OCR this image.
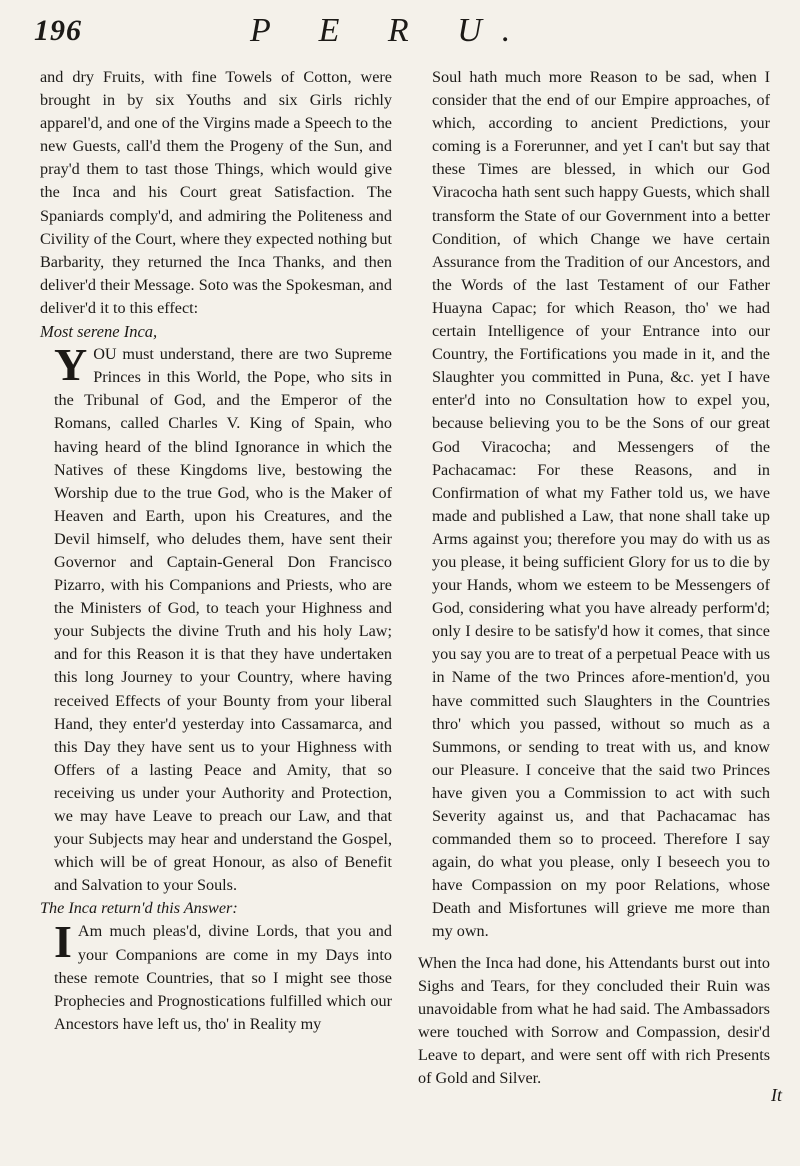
196	P E R U.

and dry Fruits, with fine Towels of Cotton, were brought in by six Youths and six Girls richly apparel'd, and one of the Virgins made a Speech to the new Guests, call'd them the Progeny of the Sun, and pray'd them to tast those Things, which would give the Inca and his Court great Satisfaction. The Spaniards comply'd, and admiring the Politeness and Civility of the Court, where they expected nothing but Barbarity, they returned the Inca Thanks, and then deliver'd their Message. Soto was the Spokesman, and deliver'd it to this effect:

Most serene Inca,

YOU must understand, there are two Supreme Princes in this World, the Pope, who sits in the Tribunal of God, and the Emperor of the Romans, called Charles V. King of Spain, who having heard of the blind Ignorance in which the Natives of these Kingdoms live, bestowing the Worship due to the true God, who is the Maker of Heaven and Earth, upon his Creatures, and the Devil himself, who deludes them, have sent their Governor and Captain-General Don Francisco Pizarro, with his Companions and Priests, who are the Ministers of God, to teach your Highness and your Subjects the divine Truth and his holy Law; and for this Reason it is that they have undertaken this long Journey to your Country, where having received Effects of your Bounty from your liberal Hand, they enter'd yesterday into Cassamarca, and this Day they have sent us to your Highness with Offers of a lasting Peace and Amity, that so receiving us under your Authority and Protection, we may have Leave to preach our Law, and that your Subjects may hear and understand the Gospel, which will be of great Honour, as also of Benefit and Salvation to your Souls.

The Inca return'd this Answer:

I Am much pleas'd, divine Lords, that you and your Companions are come in my Days into these remote Countries, that so I might see those Prophecies and Prognostications fulfilled which our Ancestors have left us, tho' in Reality my

Soul hath much more Reason to be sad, when I consider that the end of our Empire approaches, of which, according to ancient Predictions, your coming is a Forerunner, and yet I can't but say that these Times are blessed, in which our God Viracocha hath sent such happy Guests, which shall transform the State of our Government into a better Condition, of which Change we have certain Assurance from the Tradition of our Ancestors, and the Words of the last Testament of our Father Huayna Capac; for which Reason, tho' we had certain Intelligence of your Entrance into our Country, the Fortifications you made in it, and the Slaughter you committed in Puna, &c. yet I have enter'd into no Consultation how to expel you, because believing you to be the Sons of our great God Viracocha; and Messengers of the Pachacamac: For these Reasons, and in Confirmation of what my Father told us, we have made and published a Law, that none shall take up Arms against you; therefore you may do with us as you please, it being sufficient Glory for us to die by your Hands, whom we esteem to be Messengers of God, considering what you have already perform'd; only I desire to be satisfy'd how it comes, that since you say you are to treat of a perpetual Peace with us in Name of the two Princes afore-mention'd, you have committed such Slaughters in the Countries thro' which you passed, without so much as a Summons, or sending to treat with us, and know our Pleasure. I conceive that the said two Princes have given you a Commission to act with such Severity against us, and that Pachacamac has commanded them so to proceed. Therefore I say again, do what you please, only I beseech you to have Compassion on my poor Relations, whose Death and Misfortunes will grieve me more than my own.

When the Inca had done, his Attendants burst out into Sighs and Tears, for they concluded their Ruin was unavoidable from what he had said. The Ambassadors were touched with Sorrow and Compassion, desir'd Leave to depart, and were sent off with rich Presents of Gold and Silver.

It
